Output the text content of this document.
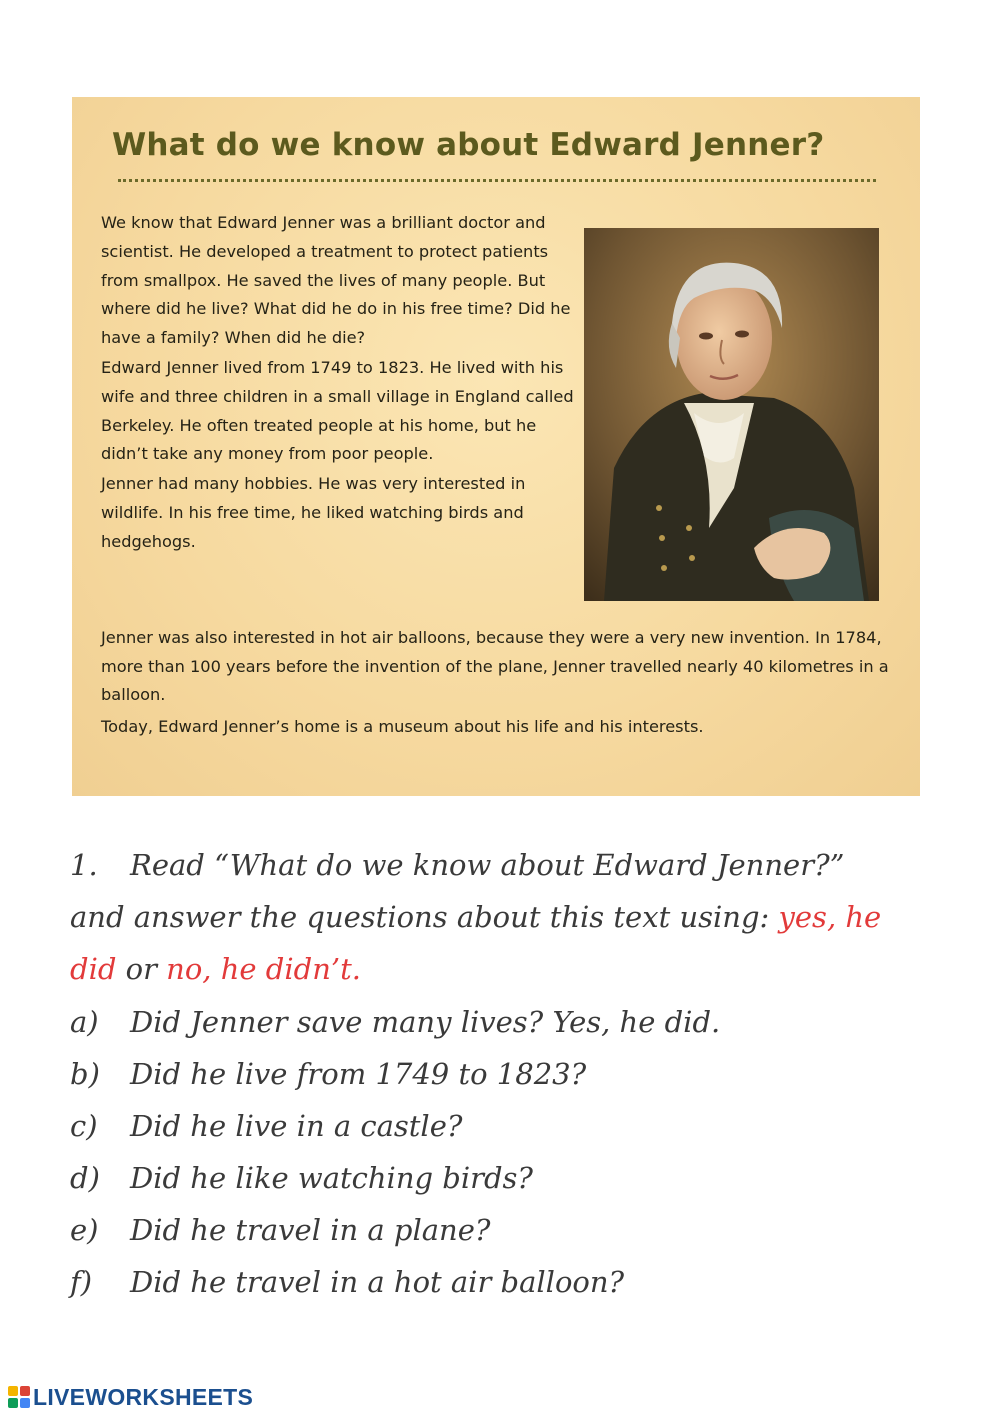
What do we know about Edward Jenner?

We know that Edward Jenner was a brilliant doctor and scientist. He developed a treatment to protect patients from smallpox. He saved the lives of many people. But where did he live? What did he do in his free time? Did he have a family? When did he die?

Edward Jenner lived from 1749 to 1823. He lived with his wife and three children in a small village in England called Berkeley. He often treated people at his home, but he didn’t take any money from poor people.

Jenner had many hobbies. He was very interested in wildlife. In his free time, he liked watching birds and hedgehogs.

Jenner was also interested in hot air balloons, because they were a very new invention. In 1784, more than 100 years before the invention of the plane, Jenner travelled nearly 40 kilometres in a balloon.

Today, Edward Jenner’s home is a museum about his life and his interests.

1. Read “What do we know about Edward Jenner?”
and answer the questions about this text using: yes, he
did or no, he didn’t.
a) Did Jenner save many lives? Yes, he did.
b) Did he live from 1749 to 1823?
c) Did he live in a castle?
d) Did he like watching birds?
e) Did he travel in a plane?
f) Did he travel in a hot air balloon?
LIVEWORKSHEETS
